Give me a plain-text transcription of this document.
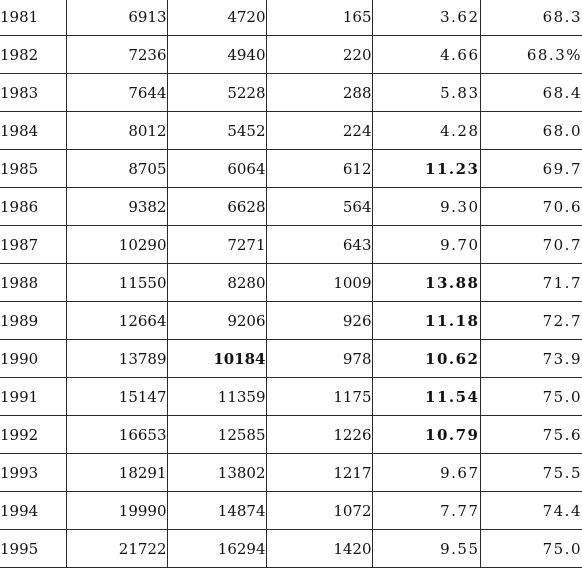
1981	6913	4720	165	3.62	68.3
1982	7236	4940	220	4.66	68.3%
1983	7644	5228	288	5.83	68.4
1984	8012	5452	224	4.28	68.0
1985	8705	6064	612	11.23	69.7
1986	9382	6628	564	9.30	70.6
1987	10290	7271	643	9.70	70.7
1988	11550	8280	1009	13.88	71.7
1989	12664	9206	926	11.18	72.7
1990	13789	10184	978	10.62	73.9
1991	15147	11359	1175	11.54	75.0
1992	16653	12585	1226	10.79	75.6
1993	18291	13802	1217	9.67	75.5
1994	19990	14874	1072	7.77	74.4
1995	21722	16294	1420	9.55	75.0
